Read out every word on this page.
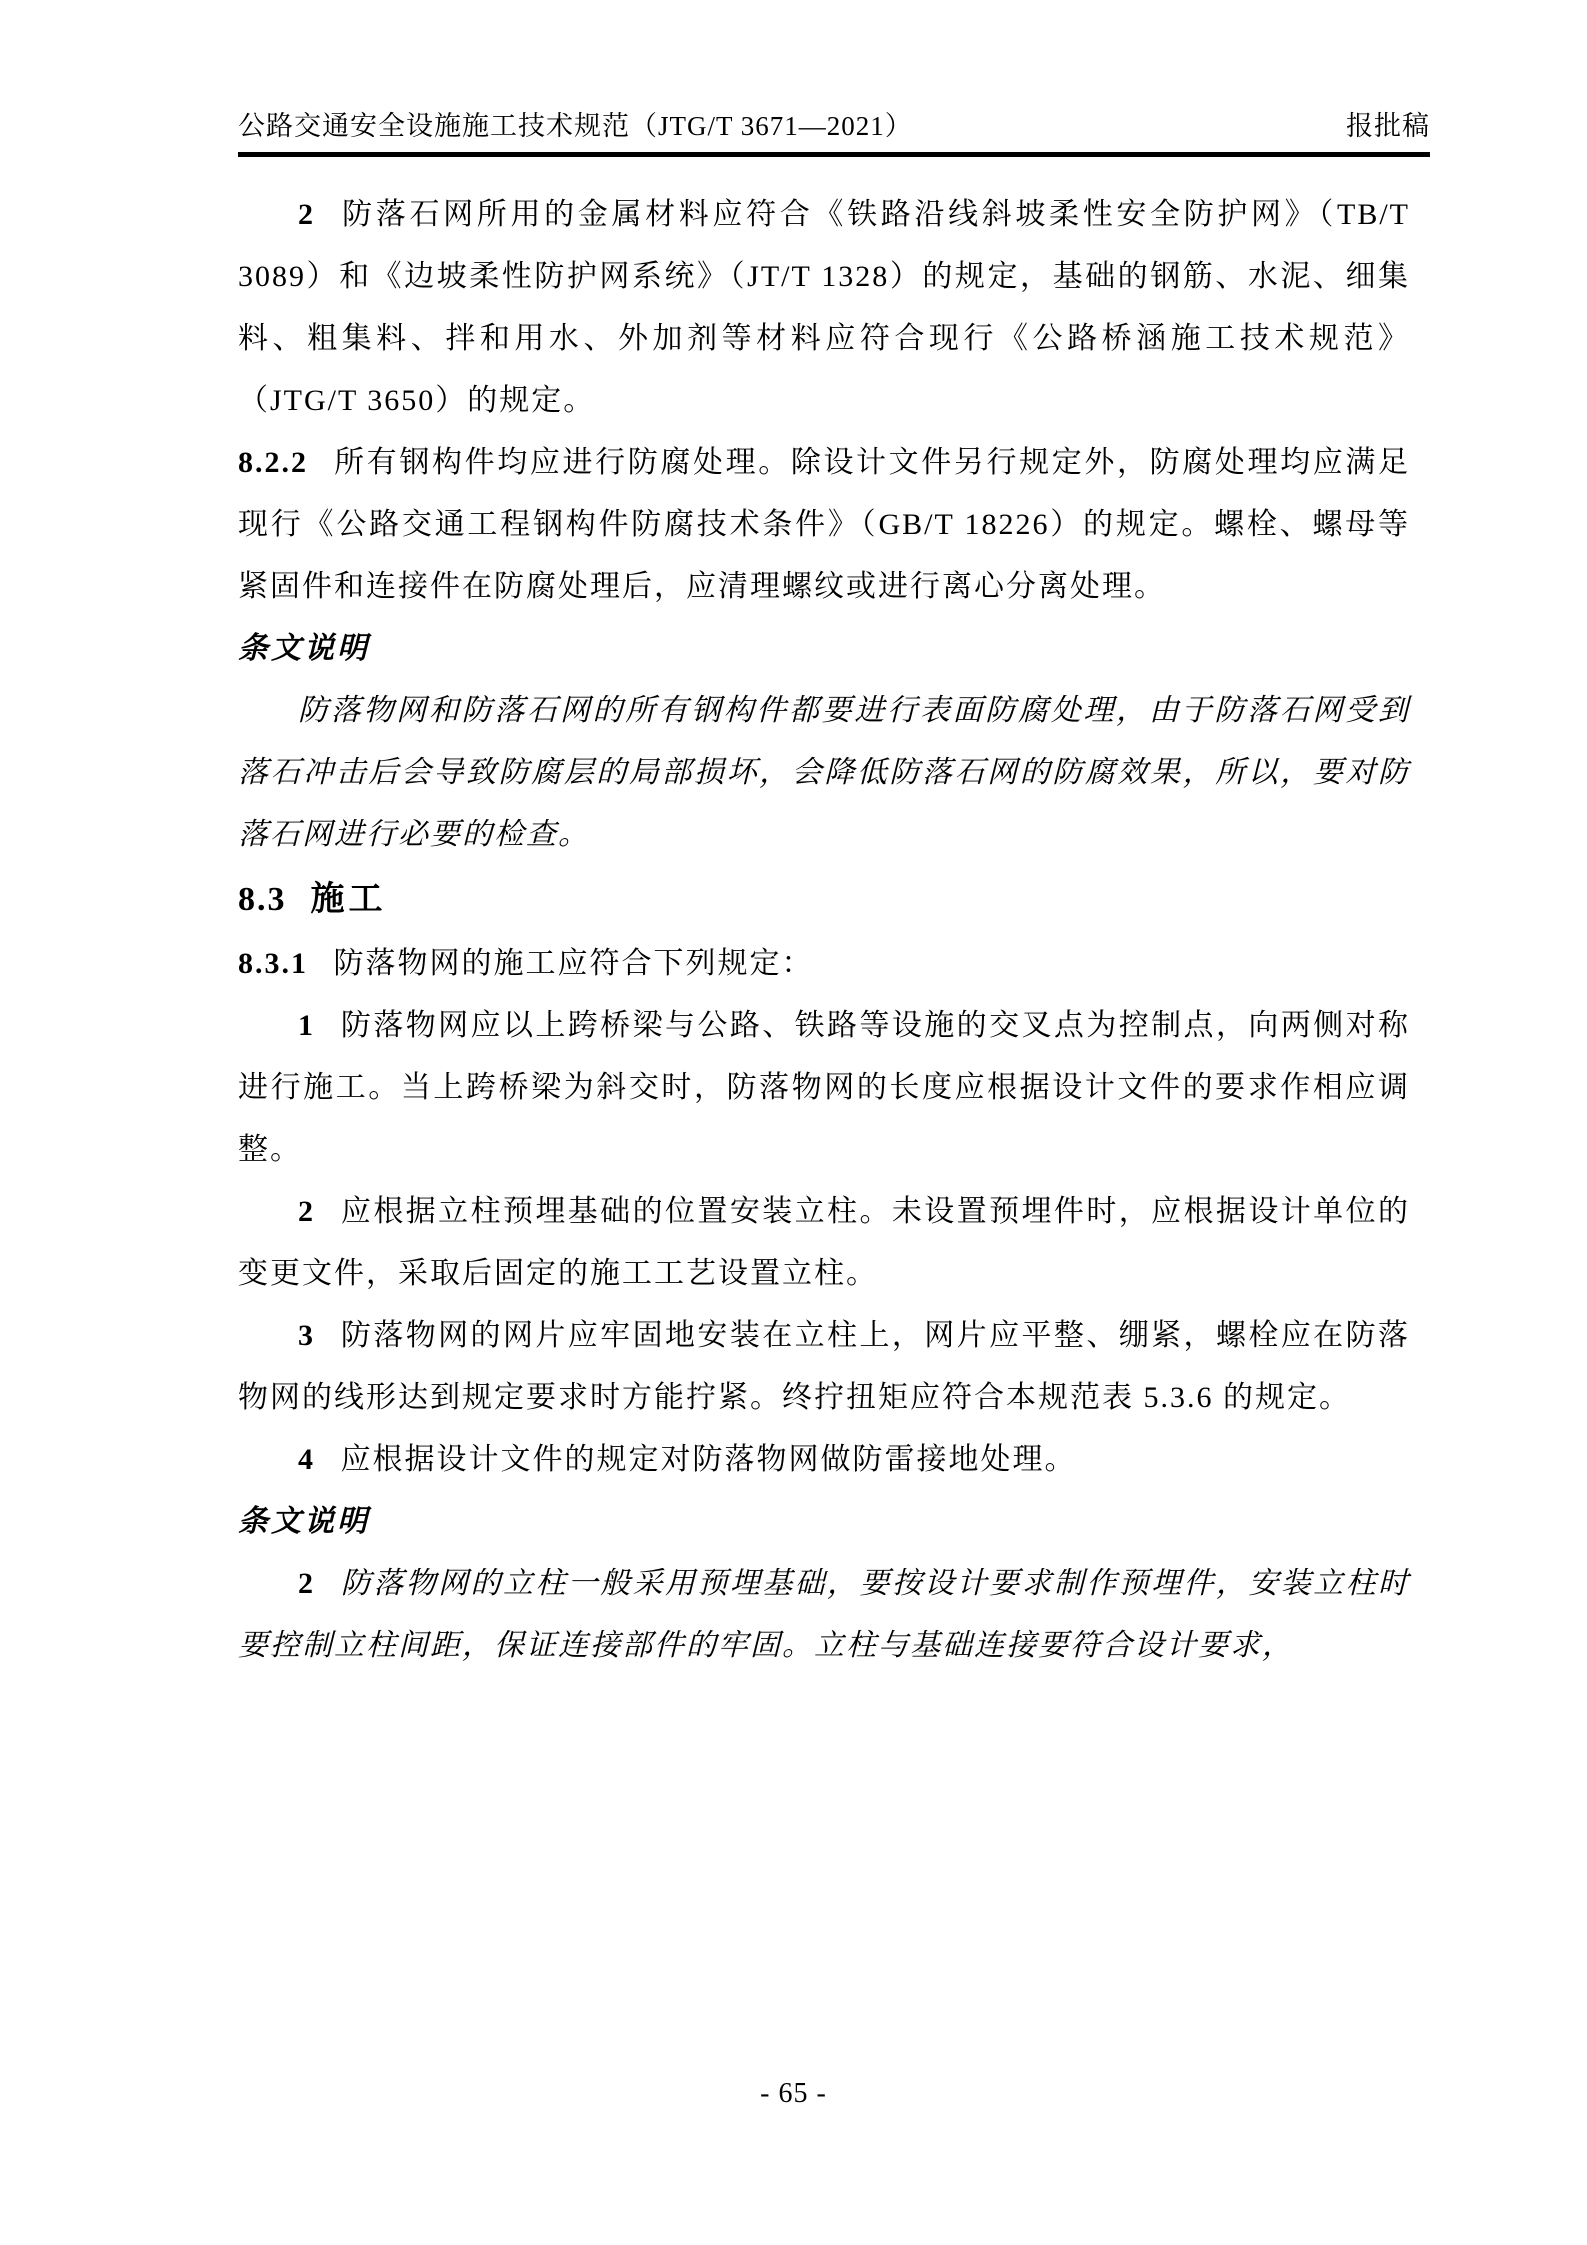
公路交通安全设施施工技术规范（JTG/T 3671—2021）	报批稿

2 防落石网所用的金属材料应符合《铁路沿线斜坡柔性安全防护网》（TB/T 3089）和《边坡柔性防护网系统》（JT/T 1328）的规定，基础的钢筋、水泥、细集料、粗集料、拌和用水、外加剂等材料应符合现行《公路桥涵施工技术规范》（JTG/T 3650）的规定。

8.2.2 所有钢构件均应进行防腐处理。除设计文件另行规定外，防腐处理均应满足现行《公路交通工程钢构件防腐技术条件》（GB/T 18226）的规定。螺栓、螺母等紧固件和连接件在防腐处理后，应清理螺纹或进行离心分离处理。

条文说明

防落物网和防落石网的所有钢构件都要进行表面防腐处理，由于防落石网受到落石冲击后会导致防腐层的局部损坏，会降低防落石网的防腐效果，所以，要对防落石网进行必要的检查。

8.3 施工

8.3.1 防落物网的施工应符合下列规定：

1 防落物网应以上跨桥梁与公路、铁路等设施的交叉点为控制点，向两侧对称进行施工。当上跨桥梁为斜交时，防落物网的长度应根据设计文件的要求作相应调整。

2 应根据立柱预埋基础的位置安装立柱。未设置预埋件时，应根据设计单位的变更文件，采取后固定的施工工艺设置立柱。

3 防落物网的网片应牢固地安装在立柱上，网片应平整、绷紧，螺栓应在防落物网的线形达到规定要求时方能拧紧。终拧扭矩应符合本规范表 5.3.6 的规定。

4 应根据设计文件的规定对防落物网做防雷接地处理。

条文说明

2 防落物网的立柱一般采用预埋基础，要按设计要求制作预埋件，安装立柱时要控制立柱间距，保证连接部件的牢固。立柱与基础连接要符合设计要求，

- 65 -
